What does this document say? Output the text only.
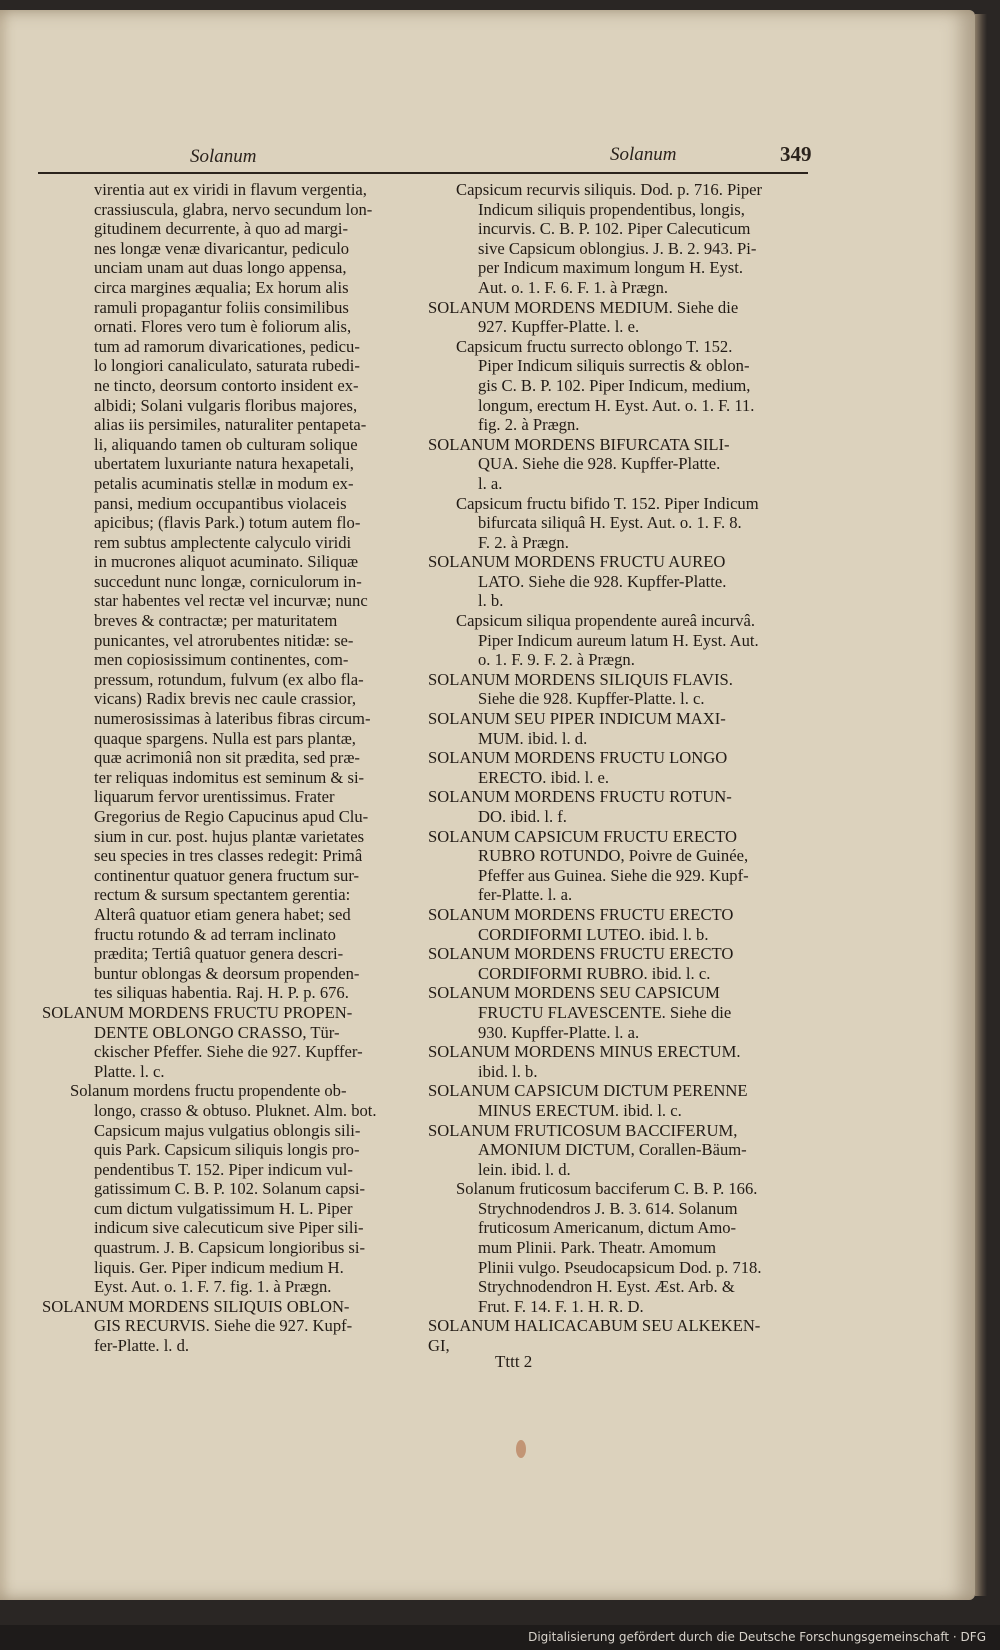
Solanum	Solanum	349
virentia aut ex viridi in flavum vergentia,
crassiuscula, glabra, nervo secundum lon-
gitudinem decurrente, à quo ad margi-
nes longæ venæ divaricantur, pediculo
unciam unam aut duas longo appensa,
circa margines æqualia; Ex horum alis
ramuli propagantur foliis consimilibus
ornati. Flores vero tum è foliorum alis,
tum ad ramorum divaricationes, pedicu-
lo longiori canaliculato, saturata rubedi-
ne tincto, deorsum contorto insident ex-
albidi; Solani vulgaris floribus majores,
alias iis persimiles, naturaliter pentapeta-
li, aliquando tamen ob culturam solique
ubertatem luxuriante natura hexapetali,
petalis acuminatis stellæ in modum ex-
pansi, medium occupantibus violaceis
apicibus; (flavis Park.) totum autem flo-
rem subtus amplectente calyculo viridi
in mucrones aliquot acuminato. Siliquæ
succedunt nunc longæ, corniculorum in-
star habentes vel rectæ vel incurvæ; nunc
breves & contractæ; per maturitatem
punicantes, vel atrorubentes nitidæ: se-
men copiosissimum continentes, com-
pressum, rotundum, fulvum (ex albo fla-
vicans) Radix brevis nec caule crassior,
numerosissimas à lateribus fibras circum-
quaque spargens. Nulla est pars plantæ,
quæ acrimoniâ non sit prædita, sed præ-
ter reliquas indomitus est seminum & si-
liquarum fervor urentissimus. Frater
Gregorius de Regio Capucinus apud Clu-
sium in cur. post. hujus plantæ varietates
seu species in tres classes redegit: Primâ
continentur quatuor genera fructum sur-
rectum & sursum spectantem gerentia:
Alterâ quatuor etiam genera habet; sed
fructu rotundo & ad terram inclinato
prædita; Tertiâ quatuor genera descri-
buntur oblongas & deorsum propenden-
tes siliquas habentia. Raj. H. P. p. 676.
SOLANUM MORDENS FRUCTU PROPEN-
DENTE OBLONGO CRASSO, Tür-
ckischer Pfeffer. Siehe die 927. Kupffer-
Platte. l. c.
Solanum mordens fructu propendente ob-
longo, crasso & obtuso. Pluknet. Alm. bot.
Capsicum majus vulgatius oblongis sili-
quis Park. Capsicum siliquis longis pro-
pendentibus T. 152. Piper indicum vul-
gatissimum C. B. P. 102. Solanum capsi-
cum dictum vulgatissimum H. L. Piper
indicum sive calecuticum sive Piper sili-
quastrum. J. B. Capsicum longioribus si-
liquis. Ger. Piper indicum medium H.
Eyst. Aut. o. 1. F. 7. fig. 1. à Prægn.
SOLANUM MORDENS SILIQUIS OBLON-
GIS RECURVIS. Siehe die 927. Kupf-
fer-Platte. l. d.
Capsicum recurvis siliquis. Dod. p. 716. Piper
Indicum siliquis propendentibus, longis,
incurvis. C. B. P. 102. Piper Calecuticum
sive Capsicum oblongius. J. B. 2. 943. Pi-
per Indicum maximum longum H. Eyst.
Aut. o. 1. F. 6. F. 1. à Prægn.
SOLANUM MORDENS MEDIUM. Siehe die
927. Kupffer-Platte. l. e.
Capsicum fructu surrecto oblongo T. 152.
Piper Indicum siliquis surrectis & oblon-
gis C. B. P. 102. Piper Indicum, medium,
longum, erectum H. Eyst. Aut. o. 1. F. 11.
fig. 2. à Prægn.
SOLANUM MORDENS BIFURCATA SILI-
QUA. Siehe die 928. Kupffer-Platte.
l. a.
Capsicum fructu bifido T. 152. Piper Indicum
bifurcata siliquâ H. Eyst. Aut. o. 1. F. 8.
F. 2. à Prægn.
SOLANUM MORDENS FRUCTU AUREO
LATO. Siehe die 928. Kupffer-Platte.
l. b.
Capsicum siliqua propendente aureâ incurvâ.
Piper Indicum aureum latum H. Eyst. Aut.
o. 1. F. 9. F. 2. à Prægn.
SOLANUM MORDENS SILIQUIS FLAVIS.
Siehe die 928. Kupffer-Platte. l. c.
SOLANUM SEU PIPER INDICUM MAXI-
MUM. ibid. l. d.
SOLANUM MORDENS FRUCTU LONGO
ERECTO. ibid. l. e.
SOLANUM MORDENS FRUCTU ROTUN-
DO. ibid. l. f.
SOLANUM CAPSICUM FRUCTU ERECTO
RUBRO ROTUNDO, Poivre de Guinée,
Pfeffer aus Guinea. Siehe die 929. Kupf-
fer-Platte. l. a.
SOLANUM MORDENS FRUCTU ERECTO
CORDIFORMI LUTEO. ibid. l. b.
SOLANUM MORDENS FRUCTU ERECTO
CORDIFORMI RUBRO. ibid. l. c.
SOLANUM MORDENS SEU CAPSICUM
FRUCTU FLAVESCENTE. Siehe die
930. Kupffer-Platte. l. a.
SOLANUM MORDENS MINUS ERECTUM.
ibid. l. b.
SOLANUM CAPSICUM DICTUM PERENNE
MINUS ERECTUM. ibid. l. c.
SOLANUM FRUTICOSUM BACCIFERUM,
AMONIUM DICTUM, Corallen-Bäum-
lein. ibid. l. d.
Solanum fruticosum bacciferum C. B. P. 166.
Strychnodendros J. B. 3. 614. Solanum
fruticosum Americanum, dictum Amo-
mum Plinii. Park. Theatr. Amomum
Plinii vulgo. Pseudocapsicum Dod. p. 718.
Strychnodendron H. Eyst. Æst. Arb. &
Frut. F. 14. F. 1. H. R. D.
SOLANUM HALICACABUM SEU ALKEKEN-
GI,
Tttt 2
Digitalisierung gefördert durch die Deutsche Forschungsgemeinschaft · DFG
